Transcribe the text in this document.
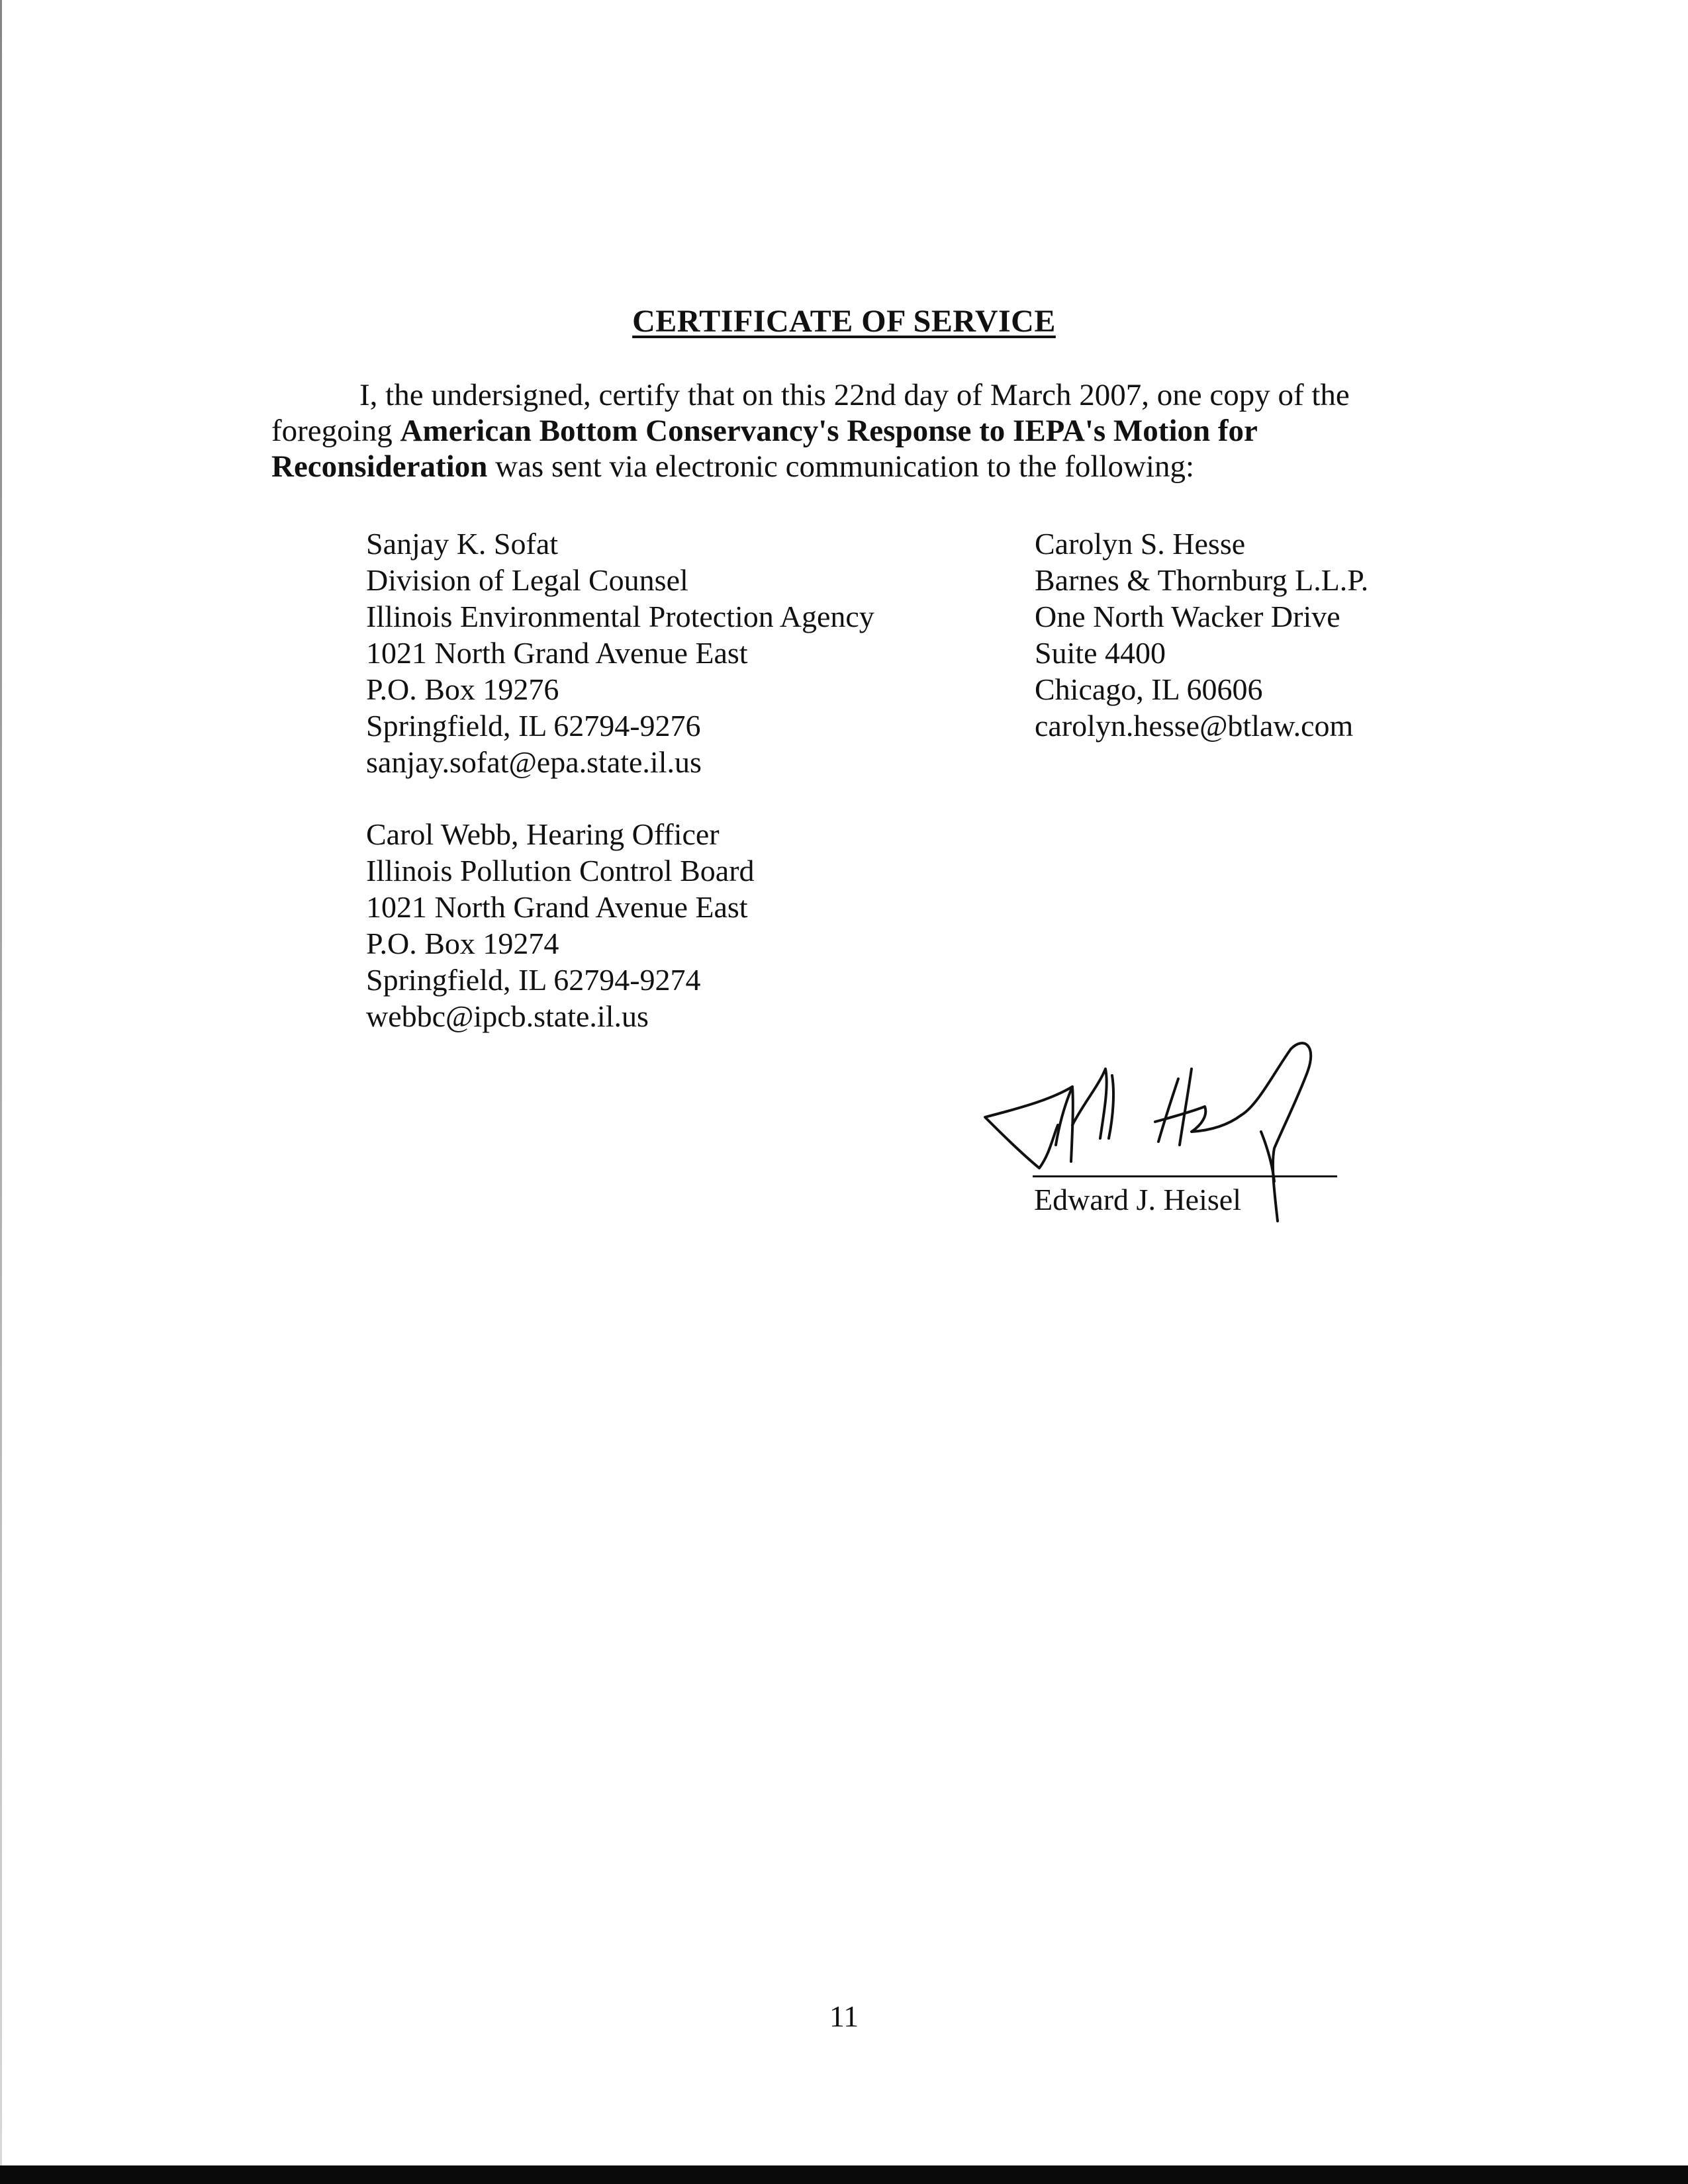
CERTIFICATE OF SERVICE
I, the undersigned, certify that on this 22nd day of March 2007, one copy of the
foregoing American Bottom Conservancy's Response to IEPA's Motion for
Reconsideration was sent via electronic communication to the following:
Sanjay K. Sofat
Division of Legal Counsel
Illinois Environmental Protection Agency
1021 North Grand Avenue East
P.O. Box 19276
Springfield, IL 62794-9276
sanjay.sofat@epa.state.il.us
Carolyn S. Hesse
Barnes & Thornburg L.L.P.
One North Wacker Drive
Suite 4400
Chicago, IL 60606
carolyn.hesse@btlaw.com
Carol Webb, Hearing Officer
Illinois Pollution Control Board
1021 North Grand Avenue East
P.O. Box 19274
Springfield, IL 62794-9274
webbc@ipcb.state.il.us
Edward J. Heisel
11
